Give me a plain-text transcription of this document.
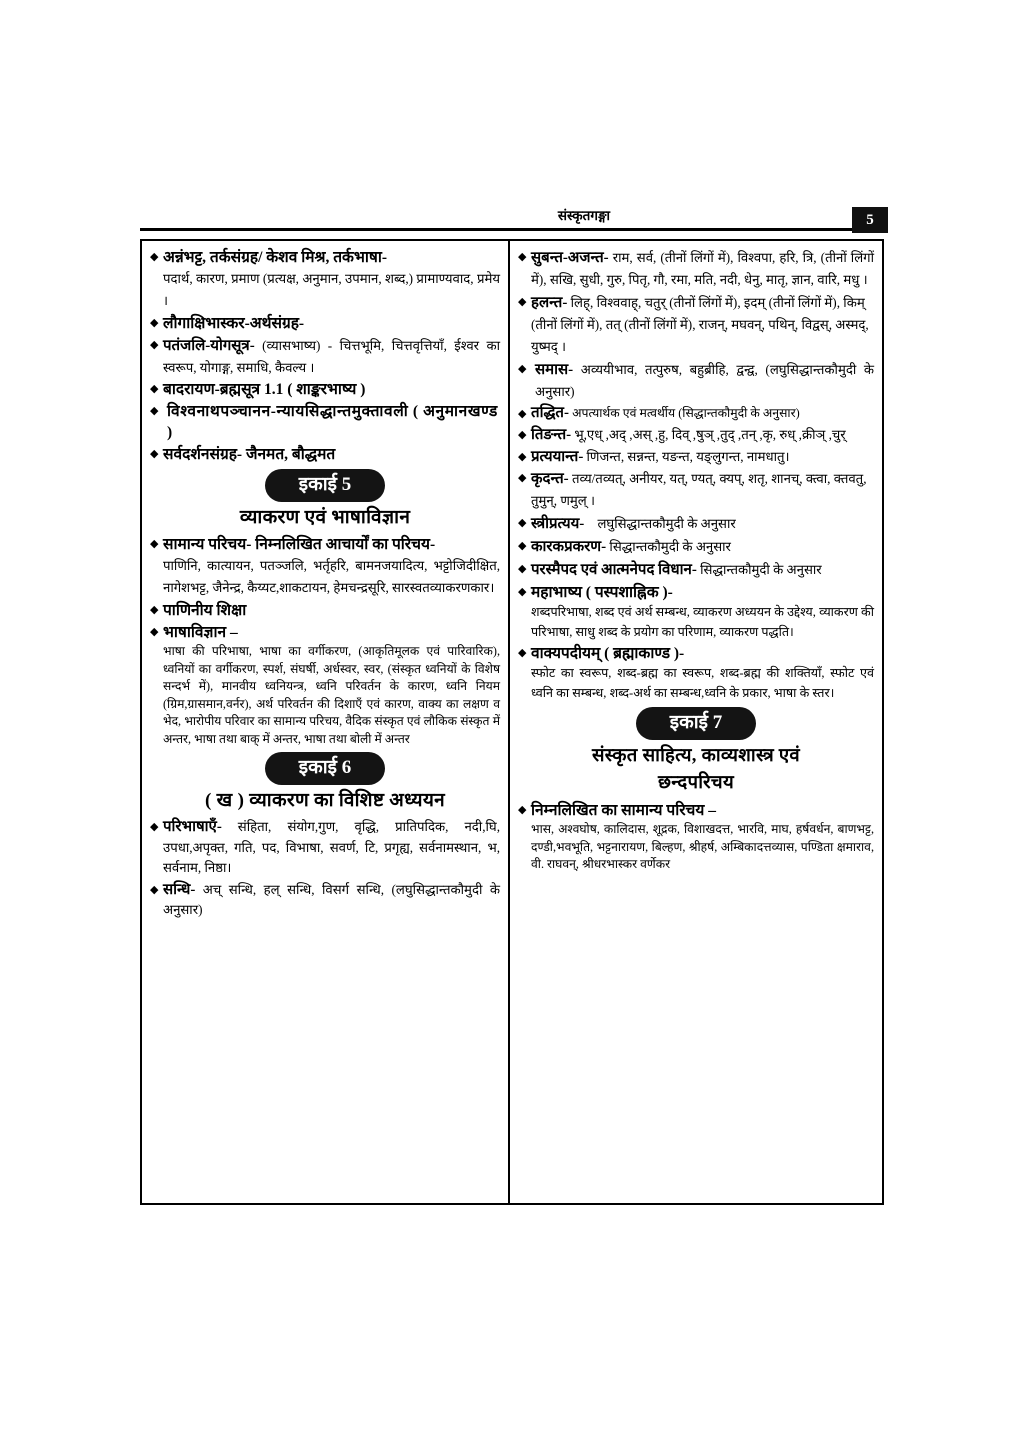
संस्कृतगङ्गा	5
◆ अन्नंभट्ट, तर्कसंग्रह/ केशव मिश्र, तर्कभाषा-
पदार्थ, कारण, प्रमाण (प्रत्यक्ष, अनुमान, उपमान, शब्द,) प्रामाण्यवाद, प्रमेय ।
◆ लौगाक्षिभास्कर-अर्थसंग्रह-
◆ पतंजलि-योगसूत्र- (व्यासभाष्य) - चित्तभूमि, चित्तवृत्तियाँ, ईश्वर का स्वरूप, योगाङ्ग, समाधि, कैवल्य ।
◆ बादरायण-ब्रह्मसूत्र 1.1 ( शाङ्करभाष्य )
◆ विश्वनाथपञ्चानन-न्यायसिद्धान्तमुक्तावली ( अनुमानखण्ड )
◆ सर्वदर्शनसंग्रह- जैनमत, बौद्धमत
इकाई 5
व्याकरण एवं भाषाविज्ञान
◆ सामान्य परिचय- निम्नलिखित आचार्यों का परिचय-
पाणिनि, कात्यायन, पतञ्जलि, भर्तृहरि, बामनजयादित्य, भट्टोजिदीक्षित, नागेशभट्ट, जैनेन्द्र, कैय्यट,शाकटायन, हेमचन्द्रसूरि, सारस्वतव्याकरणकार।
◆ पाणिनीय शिक्षा
◆ भाषाविज्ञान –
भाषा की परिभाषा, भाषा का वर्गीकरण, (आकृतिमूलक एवं पारिवारिक), ध्वनियों का वर्गीकरण, स्पर्श, संघर्षी, अर्धस्वर, स्वर, (संस्कृत ध्वनियों के विशेष सन्दर्भ में), मानवीय ध्वनियन्त्र, ध्वनि परिवर्तन के कारण, ध्वनि नियम (ग्रिम,ग्रासमान,वर्नर), अर्थ परिवर्तन की दिशाएँ एवं कारण, वाक्य का लक्षण व भेद, भारोपीय परिवार का सामान्य परिचय, वैदिक संस्कृत एवं लौकिक संस्कृत में अन्तर, भाषा तथा बाक् में अन्तर, भाषा तथा बोली में अन्तर
इकाई 6
( ख ) व्याकरण का विशिष्ट अध्ययन
◆ परिभाषाएँ- संहिता, संयोग,गुण, वृद्धि, प्रातिपदिक, नदी,घि, उपधा,अपृक्त, गति, पद, विभाषा, सवर्ण, टि, प्रगृह्य, सर्वनामस्थान, भ, सर्वनाम, निष्ठा।
◆ सन्धि- अच् सन्धि, हल् सन्धि, विसर्ग सन्धि, (लघुसिद्धान्तकौमुदी के अनुसार)
◆ सुबन्त-अजन्त- राम, सर्व, (तीनों लिंगों में), विश्वपा, हरि, त्रि, (तीनों लिंगों में), सखि, सुधी, गुरु, पितृ, गौ, रमा, मति, नदी, धेनु, मातृ, ज्ञान, वारि, मधु ।
◆ हलन्त- लिह्, विश्ववाह्, चतुर् (तीनों लिंगों में), इदम् (तीनों लिंगों में), किम् (तीनों लिंगों में), तत् (तीनों लिंगों में), राजन्, मघवन्, पथिन्, विद्वस्, अस्मद्, युष्मद् ।
◆ समास- अव्ययीभाव, तत्पुरुष, बहुब्रीहि, द्वन्द्व, (लघुसिद्धान्तकौमुदी के अनुसार)
◆ तद्धित- अपत्यार्थक एवं मत्वर्थीय (सिद्धान्तकौमुदी के अनुसार)
◆ तिङन्त- भू,एध् ,अद् ,अस् ,हु, दिव् ,षुञ् ,तुद् ,तन् ,कृ, रुध् ,क्रीञ् ,चुर्
◆ प्रत्ययान्त- णिजन्त, सन्नन्त, यङन्त, यङ्लुगन्त, नामधातु।
◆ कृदन्त- तव्य/तव्यत्, अनीयर, यत्, ण्यत्, क्यप्, शतृ, शानच्, क्त्वा, क्तवतु, तुमुन्, णमुल् ।
◆ स्त्रीप्रत्यय- लघुसिद्धान्तकौमुदी के अनुसार
◆ कारकप्रकरण- सिद्धान्तकौमुदी के अनुसार
◆ परस्मैपद एवं आत्मनेपद विधान- सिद्धान्तकौमुदी के अनुसार
◆ महाभाष्य ( पस्पशाह्निक )-
शब्दपरिभाषा, शब्द एवं अर्थ सम्बन्ध, व्याकरण अध्ययन के उद्देश्य, व्याकरण की परिभाषा, साधु शब्द के प्रयोग का परिणाम, व्याकरण पद्धति।
◆ वाक्यपदीयम् ( ब्रह्माकाण्ड )-
स्फोट का स्वरूप, शब्द-ब्रह्म का स्वरूप, शब्द-ब्रह्म की शक्तियाँ, स्फोट एवं ध्वनि का सम्बन्ध, शब्द-अर्थ का सम्बन्ध,ध्वनि के प्रकार, भाषा के स्तर।
इकाई 7
संस्कृत साहित्य, काव्यशास्त्र एवं
छन्दपरिचय
◆ निम्नलिखित का सामान्य परिचय –
भास, अश्वघोष, कालिदास, शूद्रक, विशाखदत्त, भारवि, माघ, हर्षवर्धन, बाणभट्ट, दण्डी,भवभूति, भट्टनारायण, बिल्हण, श्रीहर्ष, अम्बिकादत्तव्यास, पण्डिता क्षमाराव, वी. राघवन्, श्रीधरभास्कर वर्णेकर
